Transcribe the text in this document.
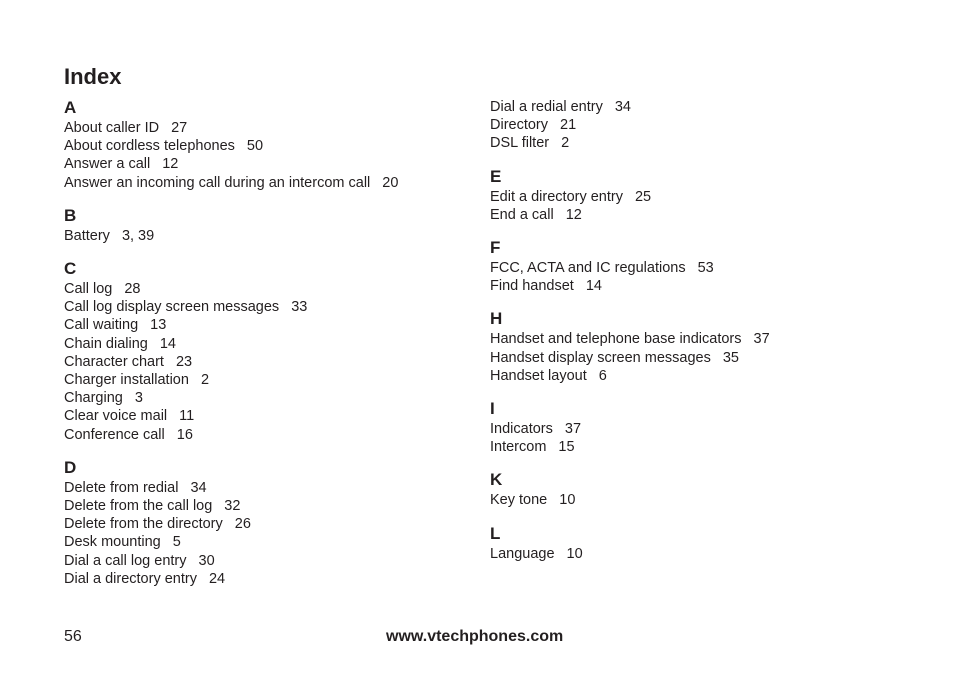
Index
A
About caller ID 27
About cordless telephones 50
Answer a call 12
Answer an incoming call during an intercom call 20
B
Battery 3, 39
C
Call log 28
Call log display screen messages 33
Call waiting 13
Chain dialing 14
Character chart 23
Charger installation 2
Charging 3
Clear voice mail 11
Conference call 16
D
Delete from redial 34
Delete from the call log 32
Delete from the directory 26
Desk mounting 5
Dial a call log entry 30
Dial a directory entry 24
Dial a redial entry 34
Directory 21
DSL filter 2
E
Edit a directory entry 25
End a call 12
F
FCC, ACTA and IC regulations 53
Find handset 14
H
Handset and telephone base indicators 37
Handset display screen messages 35
Handset layout 6
I
Indicators 37
Intercom 15
K
Key tone 10
L
Language 10
56	www.vtechphones.com
